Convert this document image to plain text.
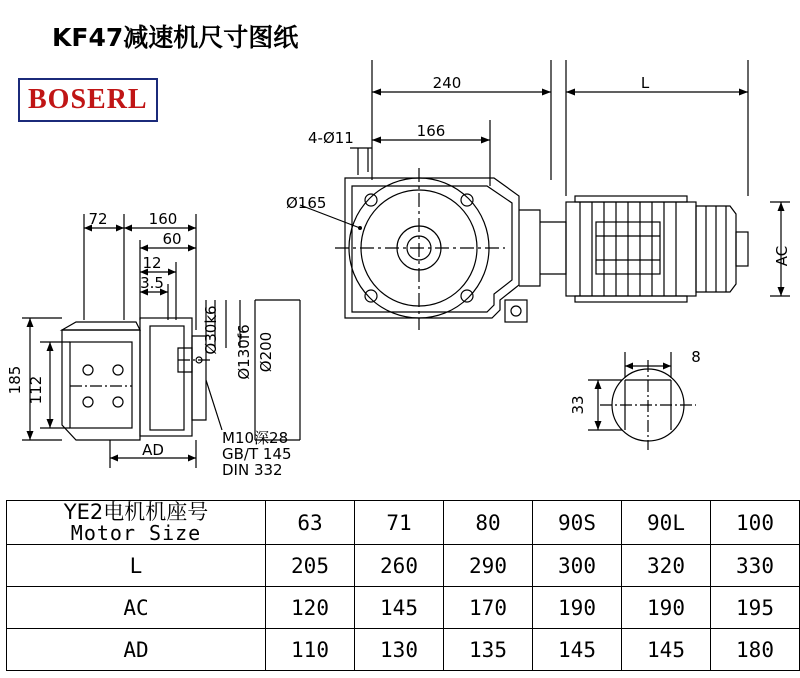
KF47减速机尺寸图纸
BOSERL
240
166
L
4-Ø11
Ø165
AC
72	160
60
12
3.5
Ø30k6 Ø130f6 Ø200
185 112
AD
M10深28
GB/T 145
DIN 332
8
33
YE2电机机座号
Motor Size	63	71	80	90S	90L	100
L	205	260	290	300	320	330
AC	120	145	170	190	190	195
AD	110	130	135	145	145	180
